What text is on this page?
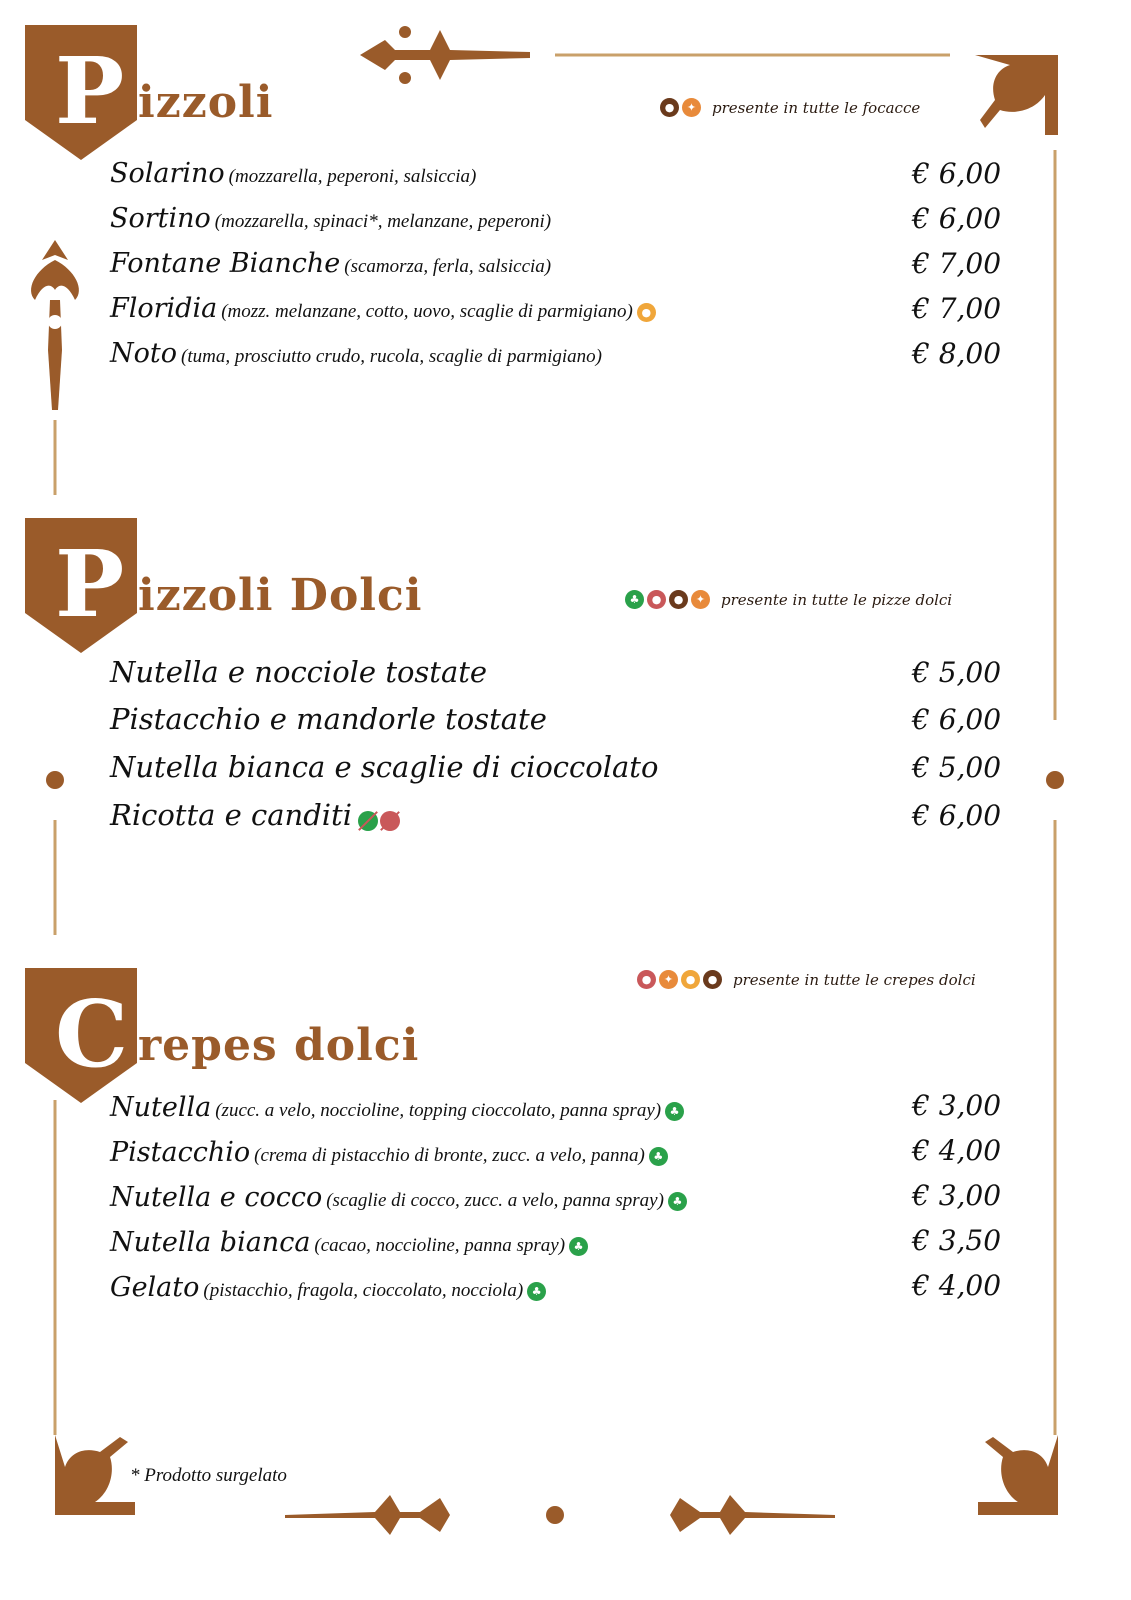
P izzoli	●	✦	presente in tutte le focacce
Solarino (mozzarella, peperoni, salsiccia)	€ 6,00
Sortino (mozzarella, spinaci*, melanzane, peperoni)	€ 6,00
Fontane Bianche (scamorza, ferla, salsiccia)	€ 7,00
Floridia (mozz. melanzane, cotto, uovo, scaglie di parmigiano) ●	€ 7,00
Noto (tuma, prosciutto crudo, rucola, scaglie di parmigiano)	€ 8,00
P izzoli Dolci	♣	●	●	✦	presente in tutte le pizze dolci
Nutella e nocciole tostate	€ 5,00
Pistacchio e mandorle tostate	€ 6,00
Nutella bianca e scaglie di cioccolato	€ 5,00
Ricotta e canditi	€ 6,00
●	✦	●	●	presente in tutte le crepes dolci
C repes dolci
Nutella (zucc. a velo, noccioline, topping cioccolato, panna spray) ♣	€ 3,00
Pistacchio (crema di pistacchio di bronte, zucc. a velo, panna) ♣	€ 4,00
Nutella e cocco (scaglie di cocco, zucc. a velo, panna spray) ♣	€ 3,00
Nutella bianca (cacao, noccioline, panna spray) ♣	€ 3,50
Gelato (pistacchio, fragola, cioccolato, nocciola) ♣	€ 4,00
* Prodotto surgelato
